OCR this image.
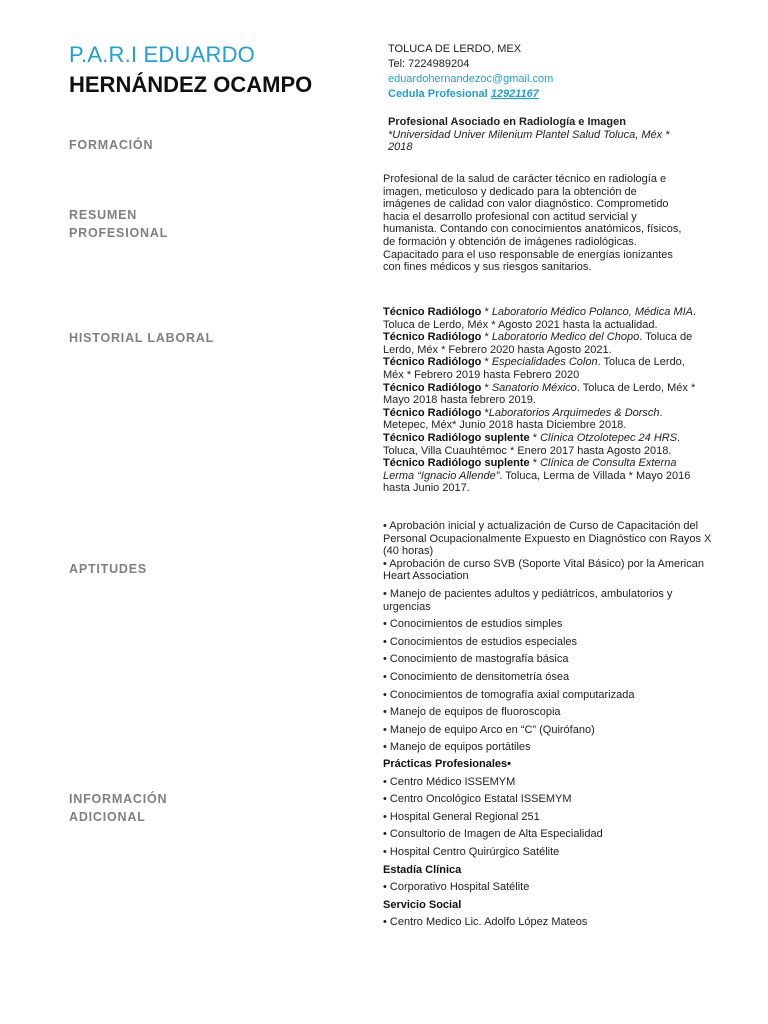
P.A.R.I EDUARDO
HERNÁNDEZ OCAMPO
TOLUCA DE LERDO, MEX
Tel: 7224989204
eduardohernandezoc@gmail.com
Cedula Profesional 12921167
FORMACIÓN
RESUMEN
PROFESIONAL
HISTORIAL LABORAL
APTITUDES
INFORMACIÓN
ADICIONAL
Profesional Asociado en Radiología e Imagen
*Universidad Univer Milenium Plantel Salud Toluca, Méx *
2018
Profesional de la salud de carácter técnico en radiología e
imagen, meticuloso y dedicado para la obtención de
imágenes de calidad con valor diagnóstico. Comprometido
hacia el desarrollo profesional con actitud servicial y
humanista. Contando con conocimientos anatómicos, físicos,
de formación y obtención de imágenes radiológicas.
Capacitado para el uso responsable de energías ionizantes
con fines médicos y sus riesgos sanitarios.
Técnico Radiólogo * Laboratorio Médico Polanco, Médica MIA. Toluca de Lerdo, Méx * Agosto 2021 hasta la actualidad.
Técnico Radiólogo * Laboratorio Medico del Chopo. Toluca de Lerdo, Méx * Febrero 2020 hasta Agosto 2021.
Técnico Radiólogo * Especialidades Colon. Toluca de Lerdo, Méx * Febrero 2019 hasta Febrero 2020
Técnico Radiólogo * Sanatorio México. Toluca de Lerdo, Méx * Mayo 2018 hasta febrero 2019.
Técnico Radiólogo *Laboratorios Arquimedes & Dorsch. Metepec, Méx* Junio 2018 hasta Diciembre 2018.
Técnico Radiólogo suplente * Clínica Otzolotepec 24 HRS. Toluca, Villa Cuauhtémoc * Enero 2017 hasta Agosto 2018.
Técnico Radiólogo suplente * Clínica de Consulta Externa Lerma “Ignacio Allende”. Toluca, Lerma de Villada * Mayo 2016 hasta Junio 2017.
• Aprobación inicial y actualización de Curso de Capacitación del Personal Ocupacionalmente Expuesto en Diagnóstico con Rayos X (40 horas)
• Aprobación de curso SVB (Soporte Vital Básico) por la American Heart Association
• Manejo de pacientes adultos y pediátricos, ambulatorios y urgencias
• Conocimientos de estudios simples
• Conocimientos de estudios especiales
• Conocimiento de mastografía básica
• Conocimiento de densitometría ósea
• Conocimientos de tomografía axial computarizada
• Manejo de equipos de fluoroscopia
• Manejo de equipo Arco en “C” (Quirófano)
• Manejo de equipos portátiles
Prácticas Profesionales•
• Centro Médico ISSEMYM
• Centro Oncológico Estatal ISSEMYM
• Hospital General Regional 251
• Consultorio de Imagen de Alta Especialidad
• Hospital Centro Quirúrgico Satélite
Estadía Clínica
• Corporativo Hospital Satélite
Servicio Social
• Centro Medico Lic. Adolfo López Mateos
